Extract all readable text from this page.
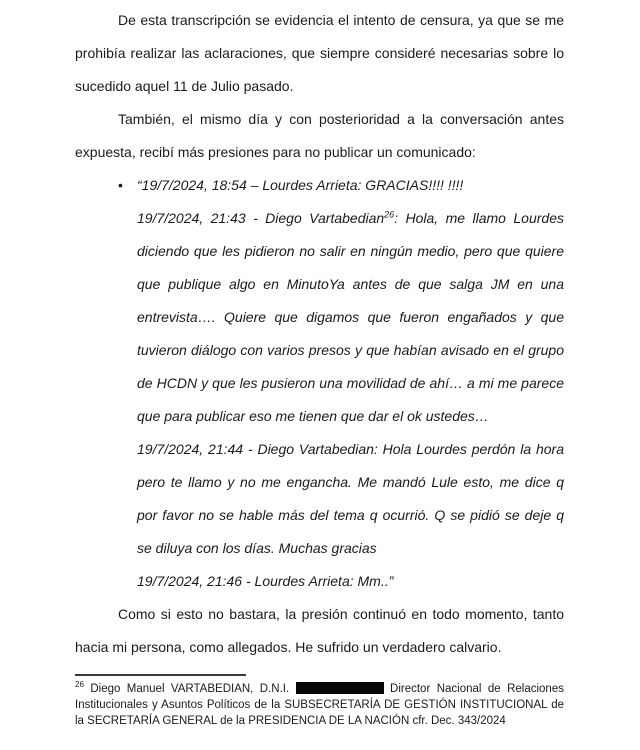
De esta transcripción se evidencia el intento de censura, ya que se me prohibía realizar las aclaraciones, que siempre consideré necesarias sobre lo sucedido aquel 11 de Julio pasado.

También, el mismo día y con posterioridad a la conversación antes expuesta, recibí más presiones para no publicar un comunicado:

•	“19/7/2024, 18:54 – Lourdes Arrieta: GRACIAS!!!! !!!!

19/7/2024, 21:43 - Diego Vartabedian$^{26}$: Hola, me llamo Lourdes diciendo que les pidieron no salir en ningún medio, pero que quiere que publique algo en MinutoYa antes de que salga JM en una entrevista…. Quiere que digamos que fueron engañados y que tuvieron diálogo con varios presos y que habían avisado en el grupo de HCDN y que les pusieron una movilidad de ahí… a mi me parece que para publicar eso me tienen que dar el ok ustedes…

19/7/2024, 21:44 - Diego Vartabedian: Hola Lourdes perdón la hora pero te llamo y no me engancha. Me mandó Lule esto, me dice q por favor no se hable más del tema q ocurrió. Q se pidió se deje q se diluya con los días. Muchas gracias

19/7/2024, 21:46 - Lourdes Arrieta: Mm..”

Como si esto no bastara, la presión continuó en todo momento, tanto hacia mi persona, como allegados. He sufrido un verdadero calvario.

$^{26}$ Diego Manuel VARTABEDIAN, D.N.I.	Director Nacional de Relaciones Institucionales y Asuntos Políticos de la SUBSECRETARÍA DE GESTIÓN INSTITUCIONAL de la SECRETARÍA GENERAL de la PRESIDENCIA DE LA NACIÓN cfr. Dec. 343/2024
